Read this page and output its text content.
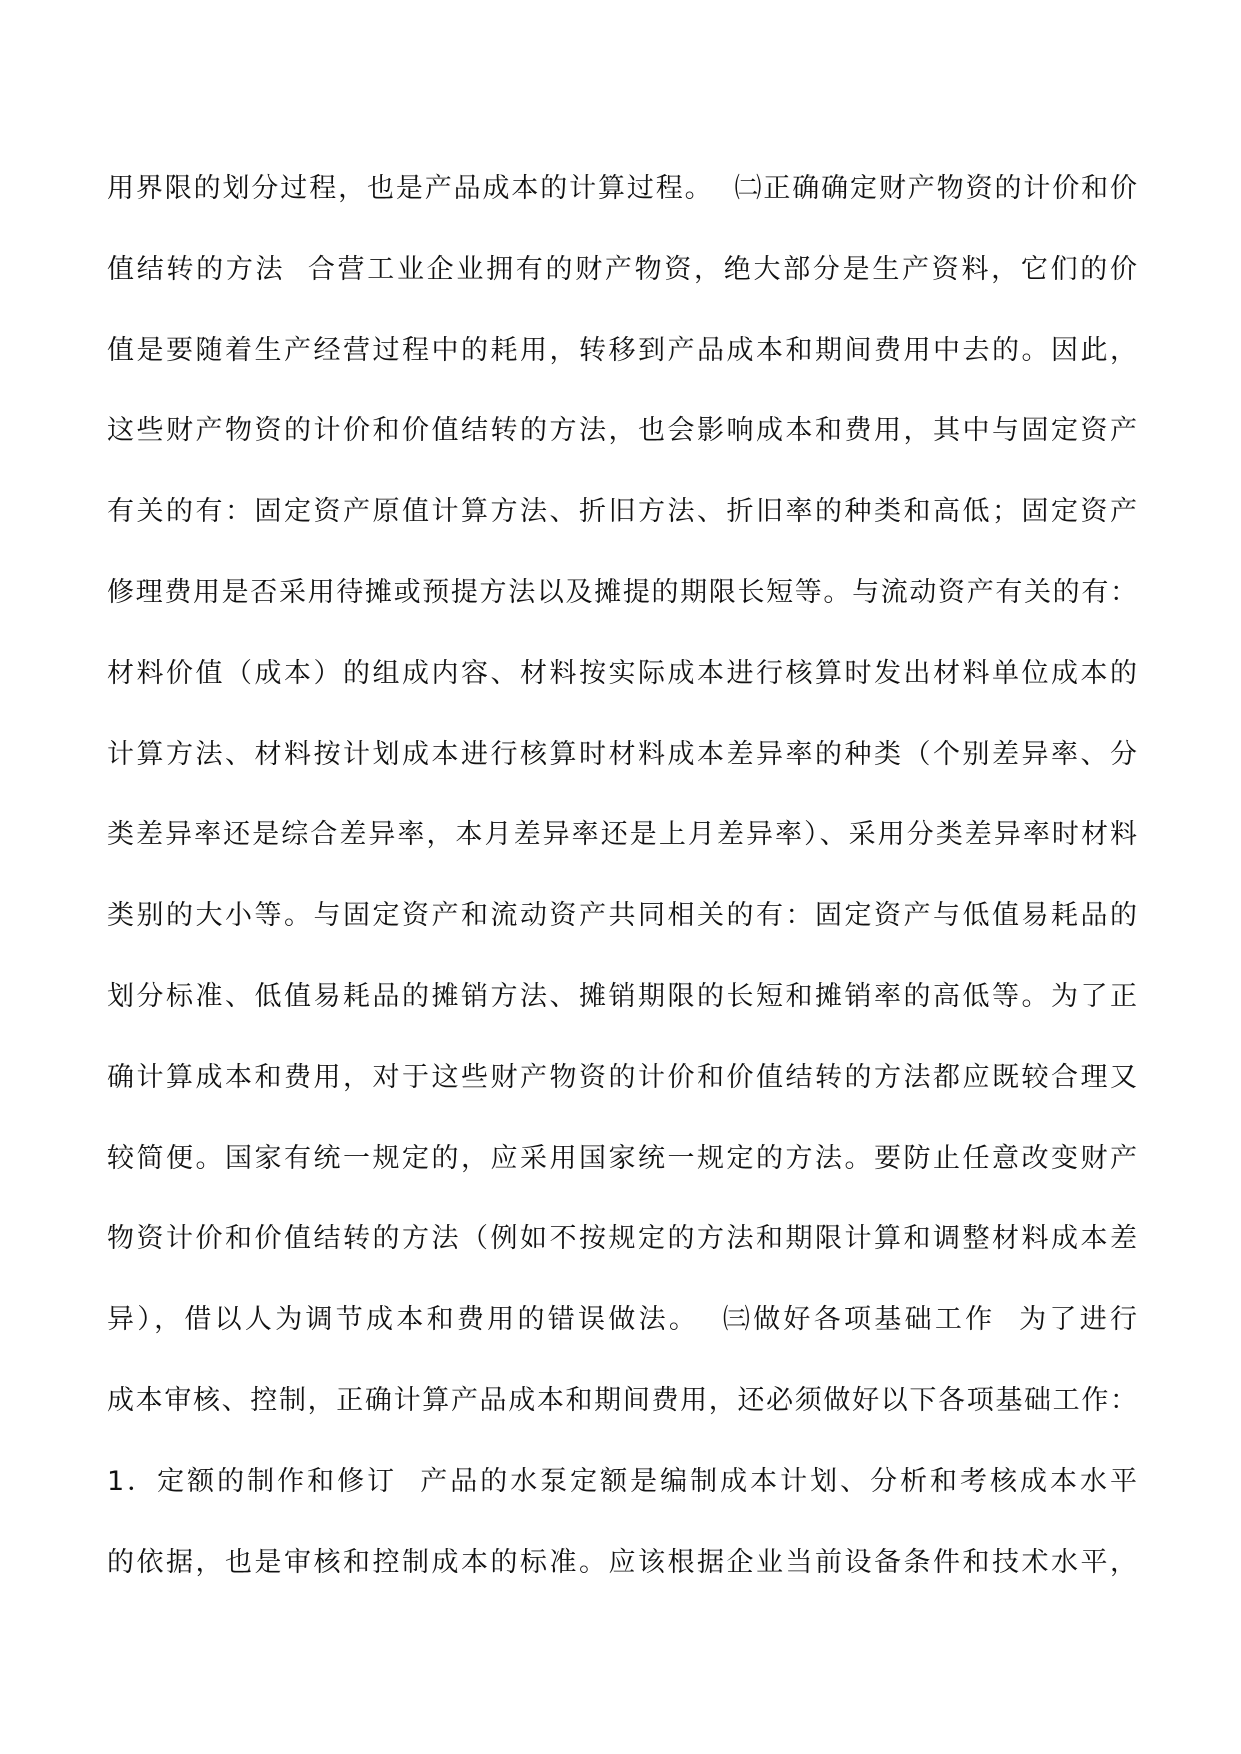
用界限的划分过程，也是产品成本的计算过程。  ㈡正确确定财产物资的计价和价
值结转的方法  合营工业企业拥有的财产物资，绝大部分是生产资料，它们的价
值是要随着生产经营过程中的耗用，转移到产品成本和期间费用中去的。因此，
这些财产物资的计价和价值结转的方法，也会影响成本和费用，其中与固定资产
有关的有：固定资产原值计算方法、折旧方法、折旧率的种类和高低；固定资产
修理费用是否采用待摊或预提方法以及摊提的期限长短等。与流动资产有关的有：
材料价值（成本）的组成内容、材料按实际成本进行核算时发出材料单位成本的
计算方法、材料按计划成本进行核算时材料成本差异率的种类（个别差异率、分
类差异率还是综合差异率，本月差异率还是上月差异率）、采用分类差异率时材料
类别的大小等。与固定资产和流动资产共同相关的有：固定资产与低值易耗品的
划分标准、低值易耗品的摊销方法、摊销期限的长短和摊销率的高低等。为了正
确计算成本和费用，对于这些财产物资的计价和价值结转的方法都应既较合理又
较简便。国家有统一规定的，应采用国家统一规定的方法。要防止任意改变财产
物资计价和价值结转的方法（例如不按规定的方法和期限计算和调整材料成本差
异），借以人为调节成本和费用的错误做法。  ㈢做好各项基础工作  为了进行
成本审核、控制，正确计算产品成本和期间费用，还必须做好以下各项基础工作：
1．定额的制作和修订  产品的水泵定额是编制成本计划、分析和考核成本水平
的依据，也是审核和控制成本的标准。应该根据企业当前设备条件和技术水平，
